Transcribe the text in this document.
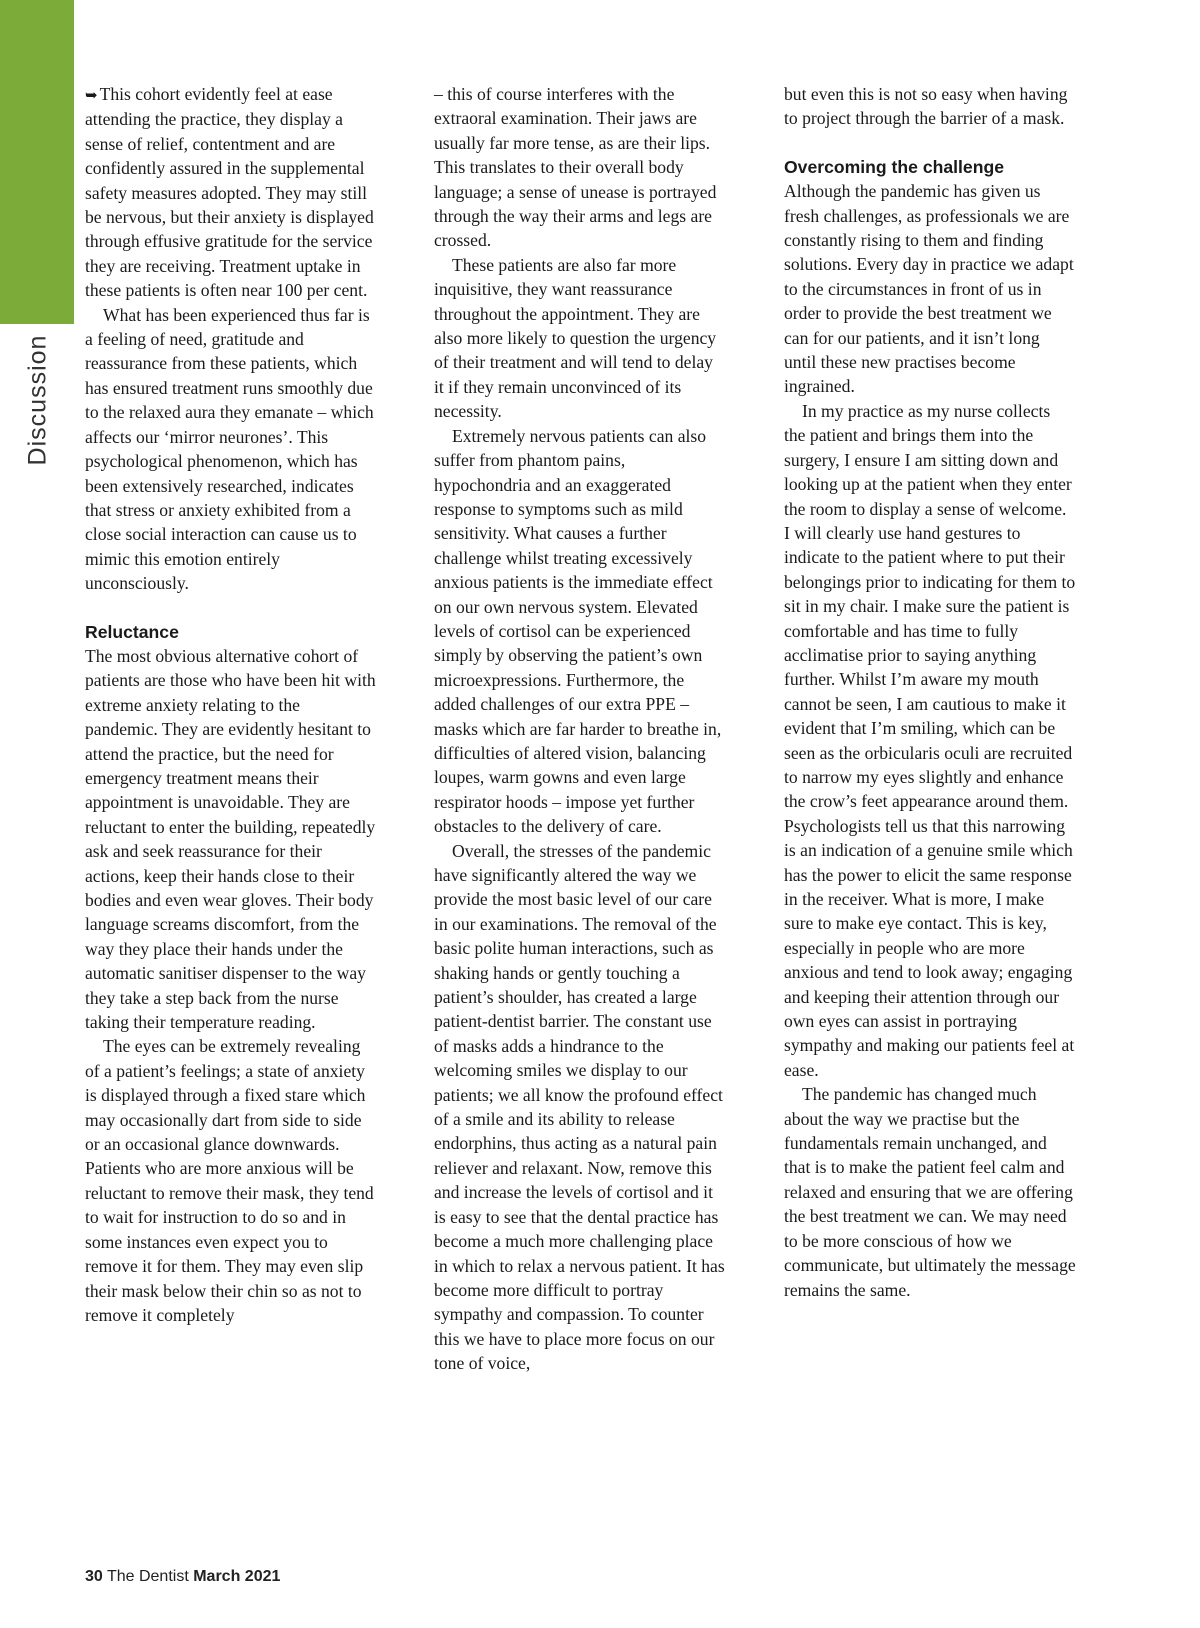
Discussion

➥ This cohort evidently feel at ease attending the practice, they display a sense of relief, contentment and are confidently assured in the supplemental safety measures adopted. They may still be nervous, but their anxiety is displayed through effusive gratitude for the service they are receiving. Treatment uptake in these patients is often near 100 per cent.

What has been experienced thus far is a feeling of need, gratitude and reassurance from these patients, which has ensured treatment runs smoothly due to the relaxed aura they emanate – which affects our ‘mirror neurones’. This psychological phenomenon, which has been extensively researched, indicates that stress or anxiety exhibited from a close social interaction can cause us to mimic this emotion entirely unconsciously.

Reluctance

The most obvious alternative cohort of patients are those who have been hit with extreme anxiety relating to the pandemic. They are evidently hesitant to attend the practice, but the need for emergency treatment means their appointment is unavoidable. They are reluctant to enter the building, repeatedly ask and seek reassurance for their actions, keep their hands close to their bodies and even wear gloves. Their body language screams discomfort, from the way they place their hands under the automatic sanitiser dispenser to the way they take a step back from the nurse taking their temperature reading.

The eyes can be extremely revealing of a patient’s feelings; a state of anxiety is displayed through a fixed stare which may occasionally dart from side to side or an occasional glance downwards. Patients who are more anxious will be reluctant to remove their mask, they tend to wait for instruction to do so and in some instances even expect you to remove it for them. They may even slip their mask below their chin so as not to remove it completely

– this of course interferes with the extraoral examination. Their jaws are usually far more tense, as are their lips. This translates to their overall body language; a sense of unease is portrayed through the way their arms and legs are crossed.

These patients are also far more inquisitive, they want reassurance throughout the appointment. They are also more likely to question the urgency of their treatment and will tend to delay it if they remain unconvinced of its necessity.

Extremely nervous patients can also suffer from phantom pains, hypochondria and an exaggerated response to symptoms such as mild sensitivity. What causes a further challenge whilst treating excessively anxious patients is the immediate effect on our own nervous system. Elevated levels of cortisol can be experienced simply by observing the patient’s own microexpressions. Furthermore, the added challenges of our extra PPE – masks which are far harder to breathe in, difficulties of altered vision, balancing loupes, warm gowns and even large respirator hoods – impose yet further obstacles to the delivery of care.

Overall, the stresses of the pandemic have significantly altered the way we provide the most basic level of our care in our examinations. The removal of the basic polite human interactions, such as shaking hands or gently touching a patient’s shoulder, has created a large patient-dentist barrier. The constant use of masks adds a hindrance to the welcoming smiles we display to our patients; we all know the profound effect of a smile and its ability to release endorphins, thus acting as a natural pain reliever and relaxant. Now, remove this and increase the levels of cortisol and it is easy to see that the dental practice has become a much more challenging place in which to relax a nervous patient. It has become more difficult to portray sympathy and compassion. To counter this we have to place more focus on our tone of voice,

but even this is not so easy when having to project through the barrier of a mask.

Overcoming the challenge

Although the pandemic has given us fresh challenges, as professionals we are constantly rising to them and finding solutions. Every day in practice we adapt to the circumstances in front of us in order to provide the best treatment we can for our patients, and it isn’t long until these new practises become ingrained.

In my practice as my nurse collects the patient and brings them into the surgery, I ensure I am sitting down and looking up at the patient when they enter the room to display a sense of welcome. I will clearly use hand gestures to indicate to the patient where to put their belongings prior to indicating for them to sit in my chair. I make sure the patient is comfortable and has time to fully acclimatise prior to saying anything further. Whilst I’m aware my mouth cannot be seen, I am cautious to make it evident that I’m smiling, which can be seen as the orbicularis oculi are recruited to narrow my eyes slightly and enhance the crow’s feet appearance around them. Psychologists tell us that this narrowing is an indication of a genuine smile which has the power to elicit the same response in the receiver. What is more, I make sure to make eye contact. This is key, especially in people who are more anxious and tend to look away; engaging and keeping their attention through our own eyes can assist in portraying sympathy and making our patients feel at ease.

The pandemic has changed much about the way we practise but the fundamentals remain unchanged, and that is to make the patient feel calm and relaxed and ensuring that we are offering the best treatment we can. We may need to be more conscious of how we communicate, but ultimately the message remains the same.

30 The Dentist March 2021
